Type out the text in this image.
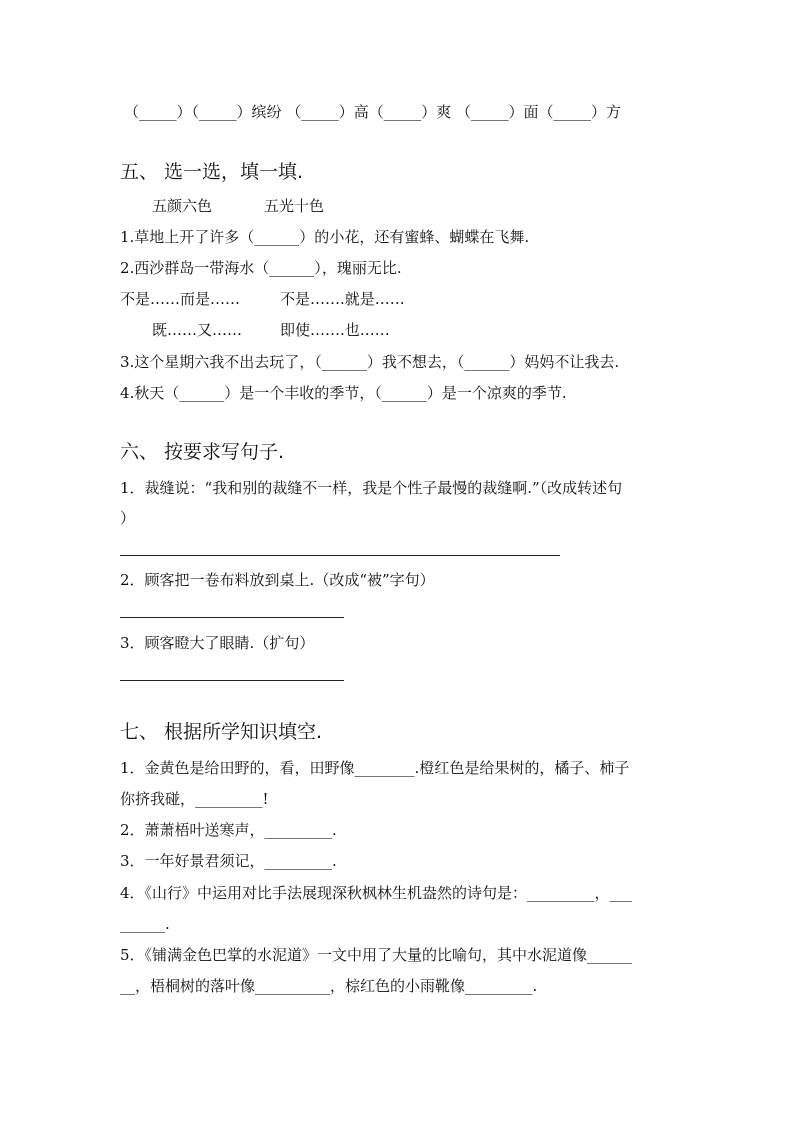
（_____）（_____）缤纷 （_____）高（_____）爽 （_____）面（_____）方
五、 选一选，填一填.
五颜六色	五光十色
1.草地上开了许多（______）的小花，还有蜜蜂、蝴蝶在飞舞.
2.西沙群岛一带海水（______），瑰丽无比.
不是……而是……	不是…….就是……
既……又……	即使…….也……
3.这个星期六我不出去玩了，（______）我不想去，（______）妈妈不让我去.
4.秋天（______）是一个丰收的季节，（______）是一个凉爽的季节.
六、 按要求写句子.
1．裁缝说：“我和别的裁缝不一样，我是个性子最慢的裁缝啊.”（改成转述句
）
2．顾客把一卷布料放到桌上.（改成“被”字句）
3．顾客瞪大了眼睛.（扩句）
七、 根据所学知识填空.
1．金黄色是给田野的，看，田野像________.橙红色是给果树的，橘子、柿子
你挤我碰，_________!
2．萧萧梧叶送寒声，_________.
3．一年好景君须记，_________.
4．《山行》中运用对比手法展现深秋枫林生机盎然的诗句是：_________，___
______.
5．《铺满金色巴掌的水泥道》一文中用了大量的比喻句，其中水泥道像______
__，梧桐树的落叶像__________，棕红色的小雨靴像_________.
